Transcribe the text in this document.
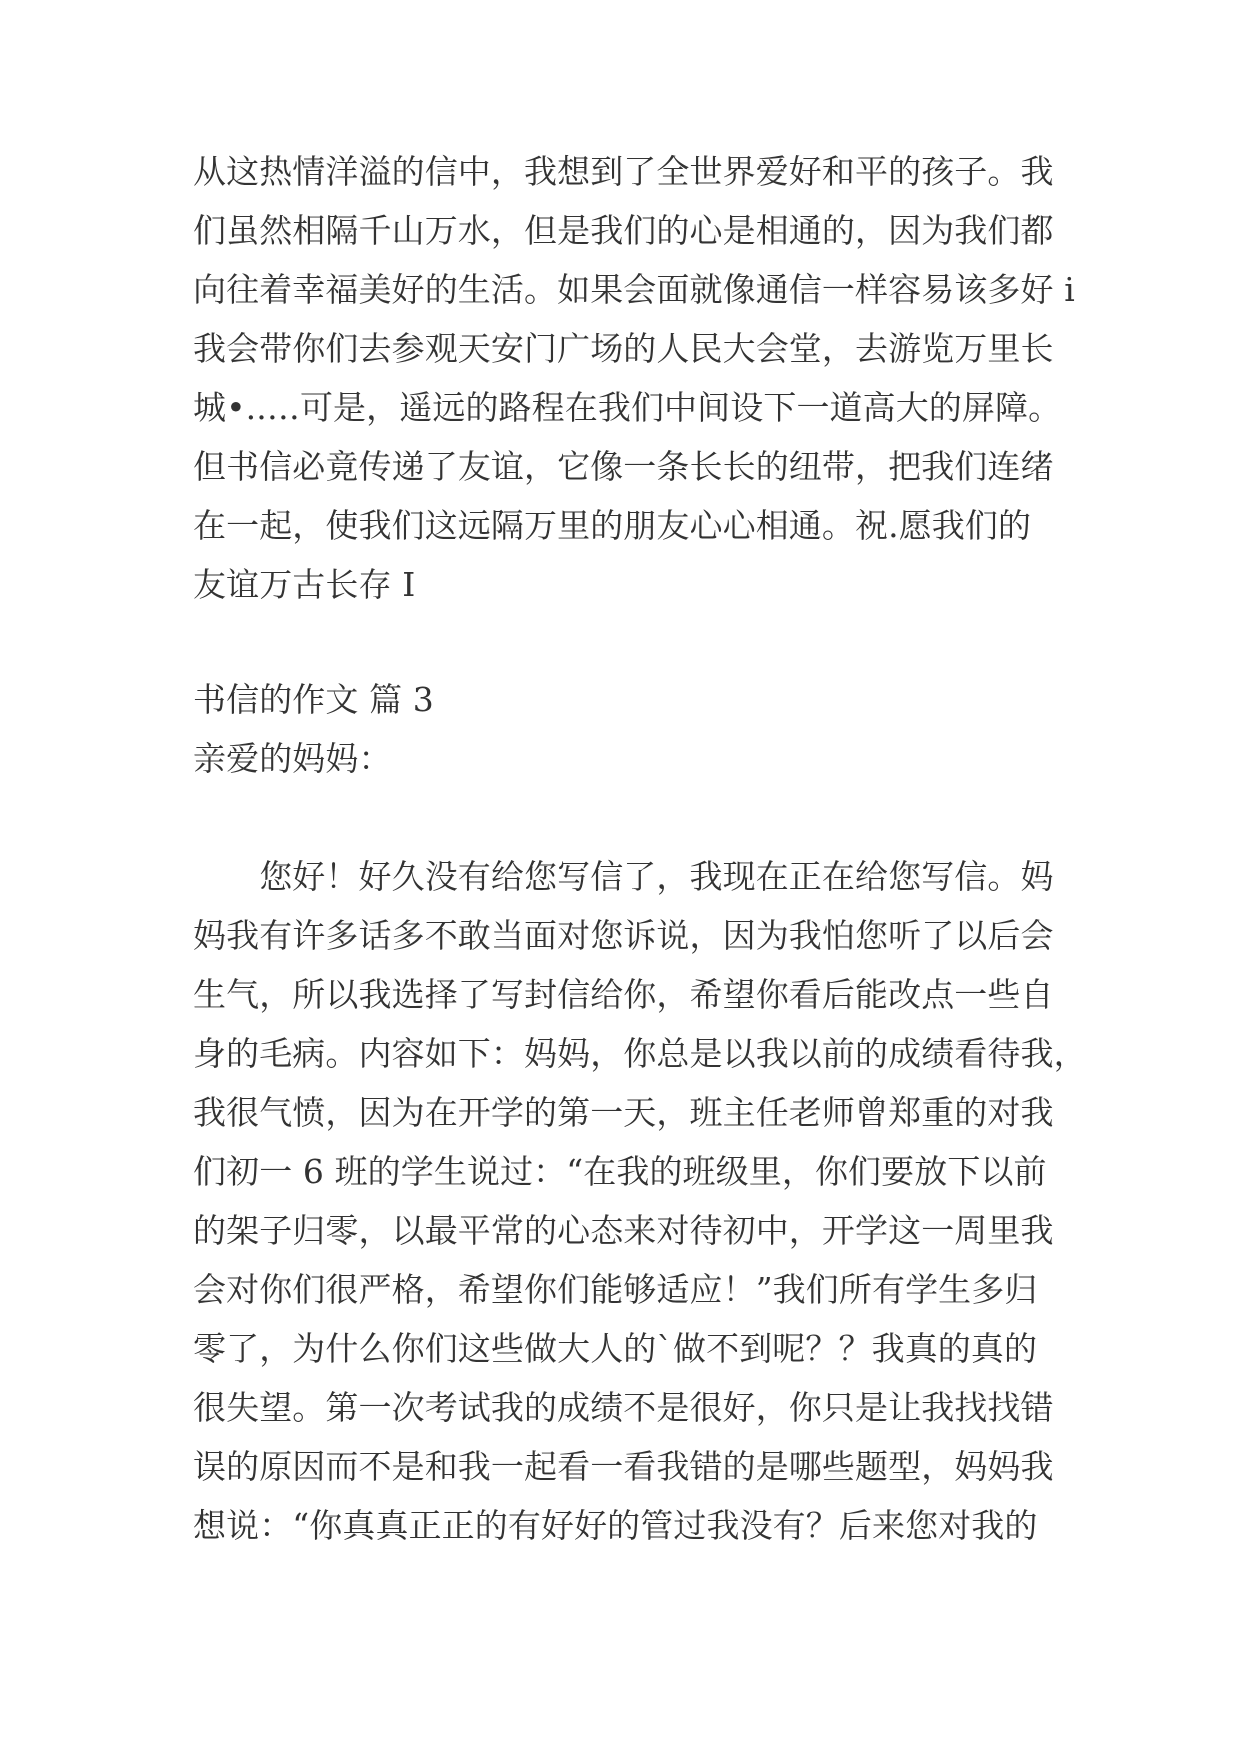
从这热情洋溢的信中，我想到了全世界爱好和平的孩子。我

们虽然相隔千山万水，但是我们的心是相通的，因为我们都

向往着幸福美好的生活。如果会面就像通信一样容易该多好 i

我会带你们去参观天安门广场的人民大会堂，去游览万里长

城•..…可是，遥远的路程在我们中间设下一道高大的屏障。

但书信必竟传递了友谊，它像一条长长的纽带，把我们连绪

在一起，使我们这远隔万里的朋友心心相通。祝.愿我们的

友谊万古长存 I

书信的作文 篇 3

亲爱的妈妈：

　　您好！好久没有给您写信了，我现在正在给您写信。妈

妈我有许多话多不敢当面对您诉说，因为我怕您听了以后会

生气，所以我选择了写封信给你，希望你看后能改点一些自

身的毛病。内容如下：妈妈，你总是以我以前的成绩看待我，

我很气愤，因为在开学的第一天，班主任老师曾郑重的对我

们初一 6 班的学生说过：“在我的班级里，你们要放下以前

的架子归零，以最平常的心态来对待初中，开学这一周里我

会对你们很严格，希望你们能够适应！”我们所有学生多归

零了，为什么你们这些做大人的`做不到呢？？我真的真的

很失望。第一次考试我的成绩不是很好，你只是让我找找错

误的原因而不是和我一起看一看我错的是哪些题型，妈妈我

想说：“你真真正正的有好好的管过我没有？后来您对我的
